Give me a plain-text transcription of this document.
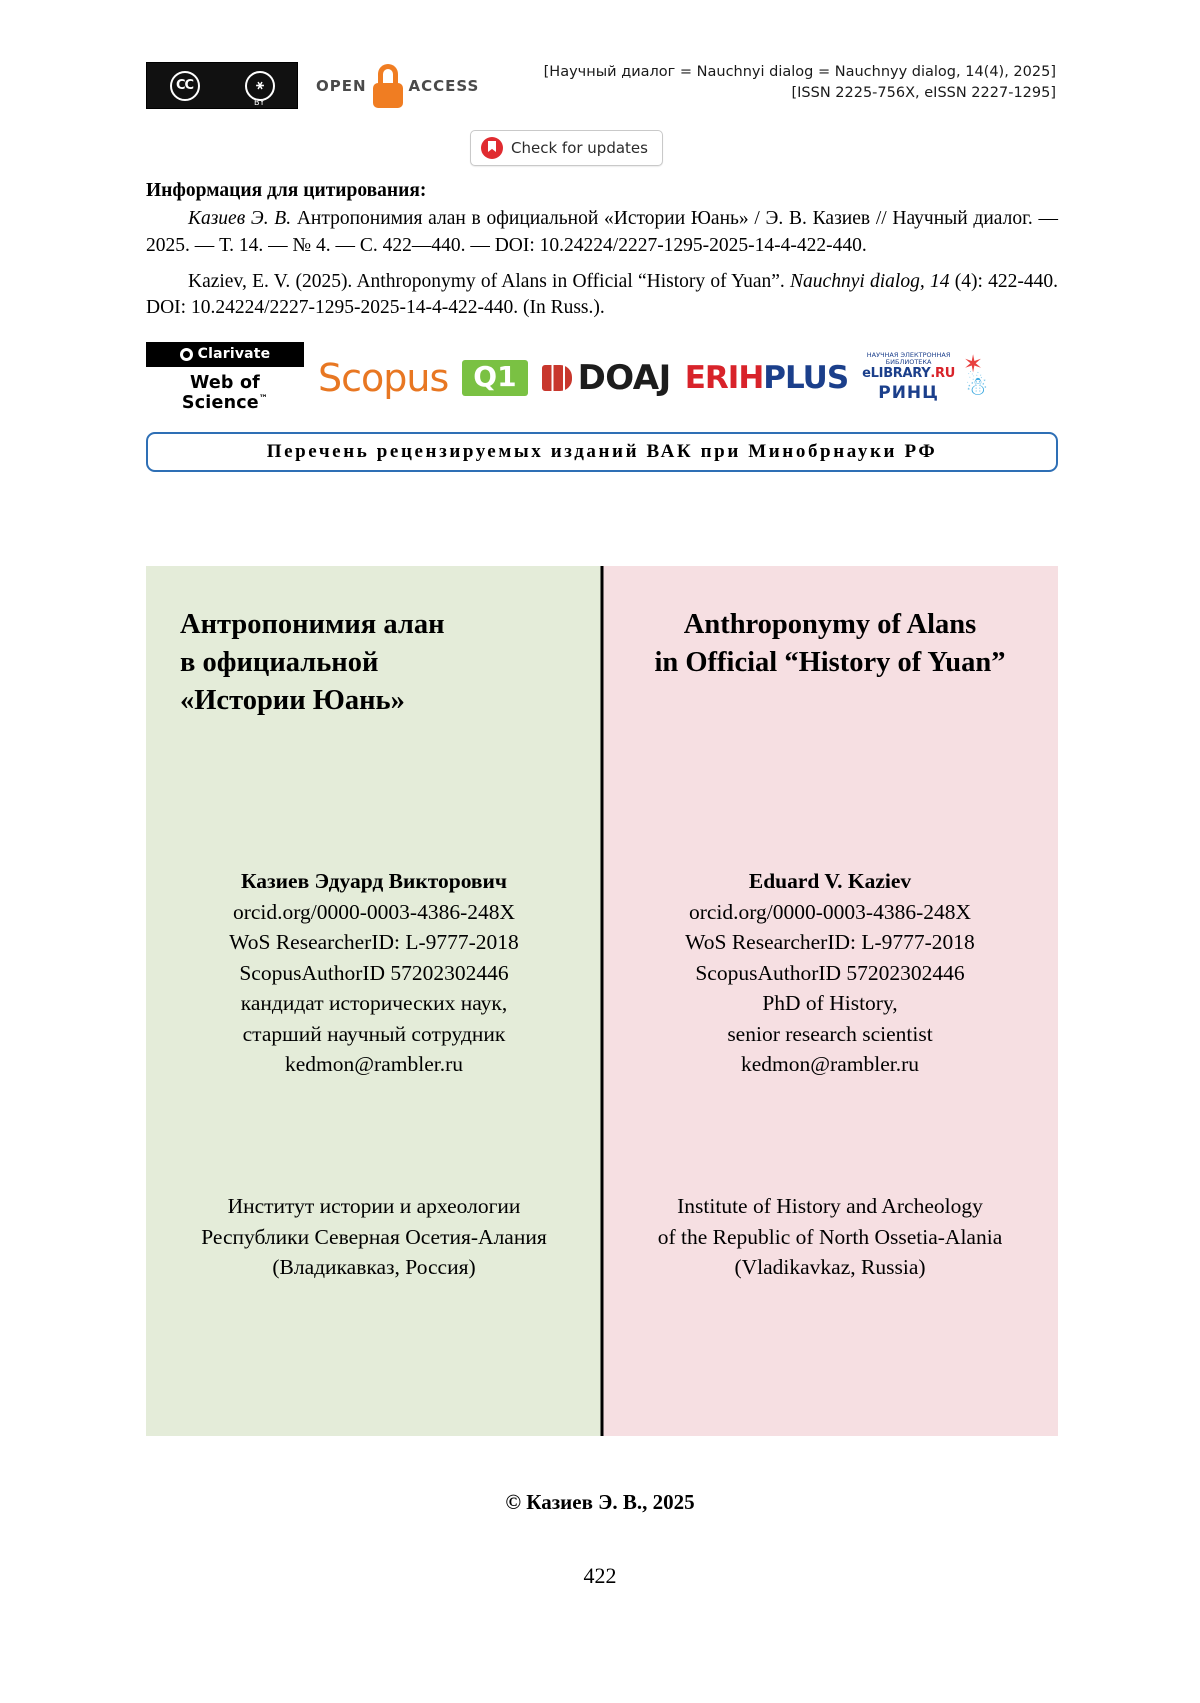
CC	⚹
BY
OPEN	ACCESS
[Научный диалог = Nauchnyi dialog = Nauchnyy dialog, 14(4), 2025]
[ISSN 2225-756X, eISSN 2227-1295]
Check for updates
Информация для цитирования:

Казиев Э. В. Антропонимия алан в официальной «Истории Юань» / Э. В. Казиев // Научный диалог. — 2025. — Т. 14. — № 4. — С. 422—440. — DOI: 10.24224/2227-1295-2025-14-4-422-440.

Kaziev, E. V. (2025). Anthroponymy of Alans in Official “History of Yuan”. Nauchnyi dialog, 14 (4): 422-440. DOI: 10.24224/2227-1295-2025-14-4-422-440. (In Russ.).

Clarivate
Web of Science™	Scopus Q1	DOAJ ERIHPLUS
НАУЧНАЯ ЭЛЕКТРОННАЯ БИБЛИОТЕКА
eLIBRARY.RU
РИНЦ
✶
☃
Перечень рецензируемых изданий ВАК при Минобрнауки РФ
Антропонимия алан
в официальной
«Истории Юань»
Казиев Эдуард Викторович
orcid.org/0000-0003-4386-248X
WoS ResearcherID: L-9777-2018
ScopusAuthorID 57202302446
кандидат исторических наук,
старший научный сотрудник
kedmon@rambler.ru
Институт истории и археологии
Республики Северная Осетия-Алания
(Владикавказ, Россия)
Anthroponymy of Alans
in Official “History of Yuan”
Eduard V. Kaziev
orcid.org/0000-0003-4386-248X
WoS ResearcherID: L-9777-2018
ScopusAuthorID 57202302446
PhD of History,
senior research scientist
kedmon@rambler.ru
Institute of History and Archeology
of the Republic of North Ossetia-Alania
(Vladikavkaz, Russia)
© Казиев Э. В., 2025
422
